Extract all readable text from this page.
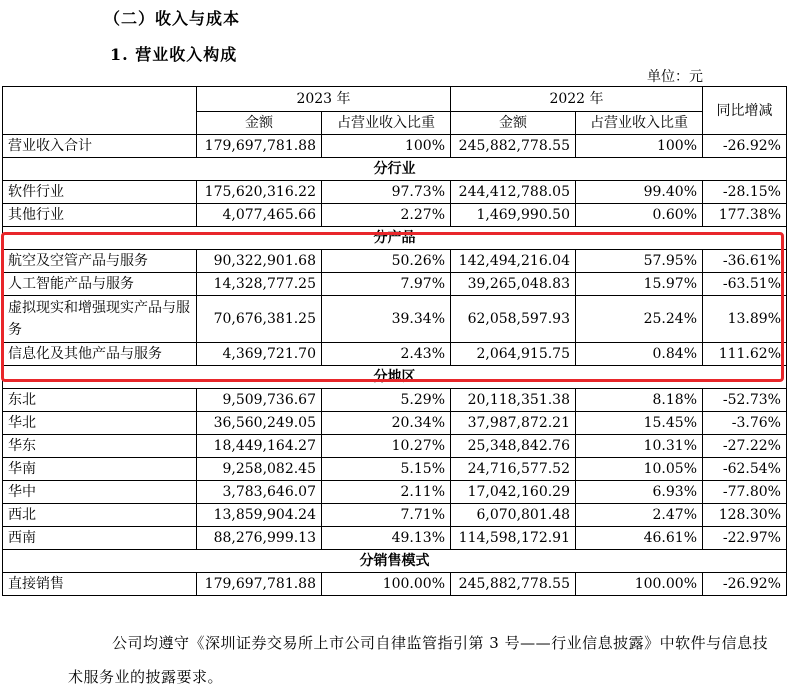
（二）收入与成本
1. 营业收入构成
单位：元
	2023 年		2022 年		同比增减
	金额	占营业收入比重	金额	占营业收入比重	
营业收入合计	179,697,781.88	100%	245,882,778.55	100%	-26.92%
分行业					
软件行业	175,620,316.22	97.73%	244,412,788.05	99.40%	-28.15%
其他行业	4,077,465.66	2.27%	1,469,990.50	0.60%	177.38%
分产品					
航空及空管产品与服务	90,322,901.68	50.26%	142,494,216.04	57.95%	-36.61%
人工智能产品与服务	14,328,777.25	7.97%	39,265,048.83	15.97%	-63.51%
虚拟现实和增强现实产品与服务	70,676,381.25	39.34%	62,058,597.93	25.24%	13.89%
信息化及其他产品与服务	4,369,721.70	2.43%	2,064,915.75	0.84%	111.62%
分地区					
东北	9,509,736.67	5.29%	20,118,351.38	8.18%	-52.73%
华北	36,560,249.05	20.34%	37,987,872.21	15.45%	-3.76%
华东	18,449,164.27	10.27%	25,348,842.76	10.31%	-27.22%
华南	9,258,082.45	5.15%	24,716,577.52	10.05%	-62.54%
华中	3,783,646.07	2.11%	17,042,160.29	6.93%	-77.80%
西北	13,859,904.24	7.71%	6,070,801.48	2.47%	128.30%
西南	88,276,999.13	49.13%	114,598,172.91	46.61%	-22.97%
分销售模式					
直接销售	179,697,781.88	100.00%	245,882,778.55	100.00%	-26.92%
公司均遵守《深圳证券交易所上市公司自律监管指引第 3 号——行业信息披露》中软件与信息技术服务业的披露要求。
